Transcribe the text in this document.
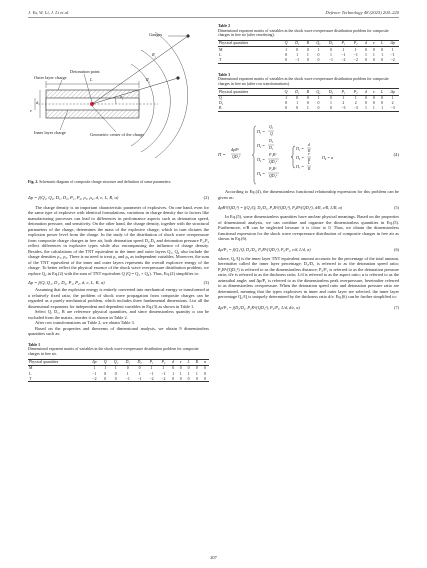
J. Yu, W. Li, J. Li et al.	Defence Technology 48 (2025) 204–220
Detonation point
Outer layer charge
Inner layer charge	Geometric center of the charge
Gauges
L
d
e
$R_i$
$\alpha_i$
$R_j$
Fig. 2. Schematic diagram of composite charge structure and definition of some parameters.
Δp = f(Q₁, Q₂, D₁, D₂, P₁, P₂, ρ₁, ρ₂, d, e, L, R, α)	(2)

The charge density is an important characteristic parameter of explosives. On one hand, even for the same type of explosive with identical formulations, variations in charge density due to factors like manufacturing processes can lead to differences in performance aspects such as detonation speed, detonation pressure, and sensitivity. On the other hand, the charge density, together with the structural parameters of the charge, determines the mass of the explosive charge, which in turn dictates the explosion power level from the charge. In the study of the distribution of shock wave overpressure from composite charge charges in free air, both detonation speed D₁,D₂ and detonation pressure P₁,P₂ reflect differences in explosive types while also encompassing the influence of charge density. Besides, the calculations of the TNT equivalent in the inner and outer layers Q₁, Q₂ also include the charge densities ρ₁, ρ₂. There is no need to treat ρ₁ and ρ₂ as independent variables. Moreover, the sum of the TNT equivalent of the inner and outer layers represents the overall explosive energy of the charge. To better reflect the physical essence of the shock wave overpressure distribution problem, we replace Q₂ in Eq.(2) with the sum of TNT equivalent Q (Q = Q₁ + Q₂). Thus, Eq.(2) simplifies to:

Δp = f(Q, Q₁, D₁, D₂, P₁, P₂, d, e, L, R, α)	(3)

Assuming that the explosion energy is entirely converted into mechanical energy or transformed at a relatively fixed ratio, the problem of shock wave propagation from composite charges can be regarded as a purely mechanical problem, which includes three fundamental dimensions. List all the dimensional exponents for independent and dependent variables in Eq.(3) as shown in Table 1.

Select Q, D₁, R are reference physical quantities, and since dimensionless quantity α can be excluded from the matrix, reorder it as shown in Table 2.

After row transformations on Table 2, we obtain Table 3.

Based on the properties and theorems of dimensional analysis, we obtain 9 dimensionless quantities such as:

Table 1
Dimensional exponent matrix of variables in the shock wave overpressure distribution problem for composite charges in free air.
Physical quantities	Δp	Q	Q₁	D₁	D₂	P₁	P₂	d	e	L	R	α
M	1	1	1	0	0	1	1	0	0	0	0	0
L	−1	0	0	1	1	−1	−1	1	1	1	1	0
T	−2	0	0	−1	−1	−2	−2	0	0	0	0	0
Table 2
Dimensional exponent matrix of variables in the shock wave overpressure distribution problem for composite charges in free air (after reordering).
Physical quantities	Q	D₁	R	Q₁	D₂	P₁	P₂	d	e	L	Δp
M	1	0	0	1	0	1	1	0	0	0	1
L	0	1	1	0	1	−1	−1	1	1	1	−1
T	0	−1	0	0	−1	−2	−2	0	0	0	−2
Table 3
Dimensional exponent matrix of variables in the shock wave overpressure distribution problem for composite charges in free air (after row transformations).
Physical quantities	Q	D₁	R	Q₁	D₂	P₁	P₂	d	e	L	Δp
Q	1	0	0	1	0	1	1	0	0	0	1
D₁	0	1	0	0	1	2	2	0	0	0	2
R	0	0	1	0	0	−3	−3	1	1	1	−3
Π =
ΔpR³
QD₁²
Π₁ =
Q₁
Q
Π₂ =
D₂
D₁
Π₃ =
P₁R³
QD₁²
Π₄ =
P₂R³
QD₁²
Π₅ =
d
R
Π₆ =
e
R
Π₇ =
L
R
Π₈ = α
(4)

According to Eq.(4), the dimensionless functional relationship expression for this problem can be given as:

ΔpR³/(QD₁²) = f(Q₁/Q, D₂/D₁, P₁R³/(QD₁²), P₂R³/(QD₁²), d/R, e/R, L/R, α)	(5)

In Eq.(5), some dimensionless quantities have unclear physical meanings. Based on the properties of dimensional analysis, we can combine and organize the dimensionless quantities in Eq.(5). Furthermore, e/R can be neglected because it is close to 0. Thus, we obtain the dimensionless functional expression for the shock wave overpressure distribution of composite charges in free air as shown in Eq.(6).

Δp/P₁ = f(Q₁/Q, D₂/D₁, P₁R³/(QD₁²), P₂/P₁, e/d, L/d, α)	(6)

where, Q₁/Q is the inner layer TNT equivalent amount accounts for the percentage of the total amount, hereinafter called the inner layer percentage; D₂/D₁ is referred to as the detonation speed ratio; P₁R³/(QD₁²) is referred to as the dimensionless distance; P₂/P₁ is referred to as the detonation pressure ratio; d/e is referred to as the thickness ratio; L/d is referred to as the aspect ratio; α is referred to as the azimuthal angle; and Δp/P₁ is referred to as the dimensionless peak overpressure, hereinafter referred to as dimensionless overpressure. When the detonation speed ratio and detonation pressure ratio are determined, meaning that the types explosives in inner and outer layer are selected, the inner layer percentage Q₁/Q is uniquely determined by the thickness ratio d/e. Eq.(6) can be further simplified to:

Δp/P₁ = f(D₂/D₁, P₁R³/(QD₁²), P₂/P₁, L/d, d/e, α)	(7)
207
